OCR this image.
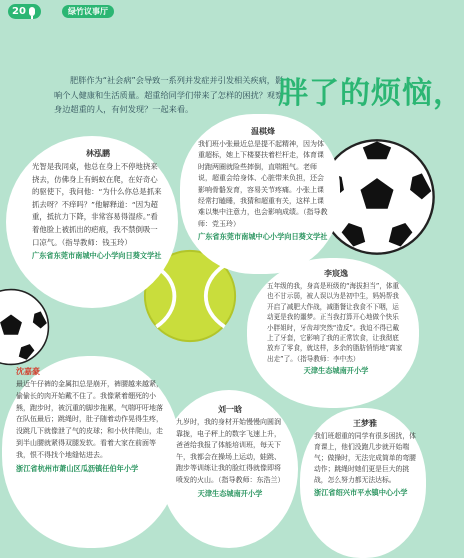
20	绿竹议事厅
肥胖作为“社会病”会导致一系列并发症并引发相关疾病，影响个人健康和生活质量。超重给同学们带来了怎样的困扰？观察身边超重的人，有何发现？一起来看。	胖了的烦恼，
林泓鹏
光智是我同桌，他总在身上不停地挠来挠去，仿佛身上有蚂蚁在爬，在好奇心的驱使下，我问他：“为什么你总是抓来抓去呀？不痒吗？”他解释道：“因为超重，抵抗力下降，非常容易得湿疹。”看着他脸上被抓出的疤痕，我不禁倒吸一口凉气。（指导教师：钱玉玲）
广东省东莞市南城中心小学向日葵文学社
温棋烽
我们班小张最近总是提不起精神，因为体重超标，她上下楼要扶着栏杆走，体育课时跑两圈就险些摔倒，直喘粗气。老师说，超重会给身体、心脏带来负担，还会影响骨骼发育，容易关节疼痛。小张上课经常打瞌睡，我猜和超重有关，这样上课难以集中注意力，也会影响成绩。（指导教师：党玉玲）
广东省东莞市南城中心小学向日葵文学社
李宸逸
五年级的我，身高是班级的“海拔担当”，体重也不甘示弱，被人误以为是初中生，妈妈帮我开启了减肥大作战，减脂餐让我食不下咽，运动更是我的噩梦。正当我打算开心地做个快乐小胖姐时，牙齿却突然“造反”。我迫不得已戴上了牙套，它影响了我的正常饮食，让我彻底放弃了零食，就这样，多余的脂肪悄悄地“离家出走”了。（指导教师：李中杰）
天津生态城南开小学
沈嘉豪
最近午仔裤的金属扣总是崩开，裤腰越来越紧，偷偷长的肉开始戴不住了。我像紧着绷死的小熊，跑步时，被沉重的脚步拖累，气喘吁吁地落在队伍最后；跳绳时，肚子随着动作晃得生疼，没跳几下就像泄了气的皮球；和小伙伴爬山，走到半山腰就紧得双腿发软。看着大家在前面等我，恨不得找个地缝钻进去。
浙江省杭州市萧山区瓜沥镇任伯年小学
刘一晗
九岁时，我的身材开始慢慢向圆润靠拢，电子秤上的数字飞速上升，爸爸给我报了体能培训班，每天下午，我都会在操场上运动，蛙跳、跑步等训练让我的脸红得就像即将喷发的火山。（指导教师：东浩兰）
天津生态城南开小学
王梦雅
我们班超重的同学有很多困扰，体育课上，他们没跑几步就开始喘气；做操时，无法完成简单的弯腰动作；跳绳时她们更是巨大的挑战，怎么努力都无法达标。
浙江省绍兴市平水镇中心小学
